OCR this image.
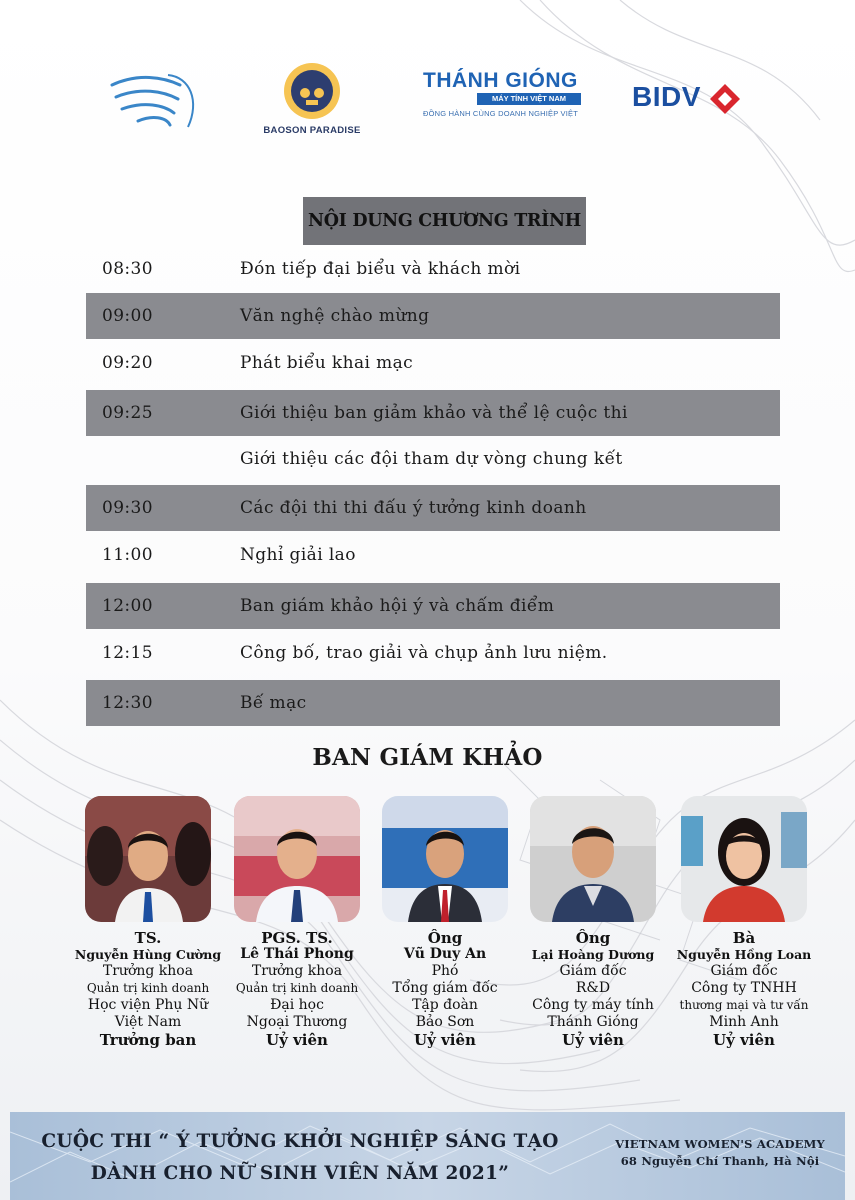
BAOSON PARADISE
THÁNH GIÓNG
MÁY TÍNH VIỆT NAM
ĐỒNG HÀNH CÙNG DOANH NGHIỆP VIỆT
BIDV
NỘI DUNG CHƯƠNG TRÌNH
08:30	Đón tiếp đại biểu và khách mời
09:00	Văn nghệ chào mừng
09:20	Phát biểu khai mạc
09:25	Giới thiệu ban giảm khảo và thể lệ cuộc thi
Giới thiệu các đội tham dự vòng chung kết
09:30	Các đội thi thi đấu ý tưởng kinh doanh
11:00	Nghỉ giải lao
12:00	Ban giám khảo hội ý và chấm điểm
12:15	Công bố, trao giải và chụp ảnh lưu niệm.
12:30	Bế mạc
BAN GIÁM KHẢO
TS.
Nguyễn Hùng Cường
Trưởng khoa
Quản trị kinh doanh
Học viện Phụ Nữ
Việt Nam
Trưởng ban
PGS. TS.
Lê Thái Phong
Trưởng khoa
Quản trị kinh doanh
Đại học
Ngoại Thương
Uỷ viên
Ông
Vũ Duy An
Phó
Tổng giám đốc
Tập đoàn
Bảo Sơn
Uỷ viên
Ông
Lại Hoàng Dương
Giám đốc
R&D
Công ty máy tính
Thánh Gióng
Uỷ viên
Bà
Nguyễn Hồng Loan
Giám đốc
Công ty TNHH
thương mại và tư vấn
Minh Anh
Uỷ viên
CUỘC THI “ Ý TƯỞNG KHỞI NGHIỆP SÁNG TẠO
DÀNH CHO NỮ SINH VIÊN NĂM 2021”
VIETNAM WOMEN'S ACADEMY
68 Nguyễn Chí Thanh, Hà Nội
